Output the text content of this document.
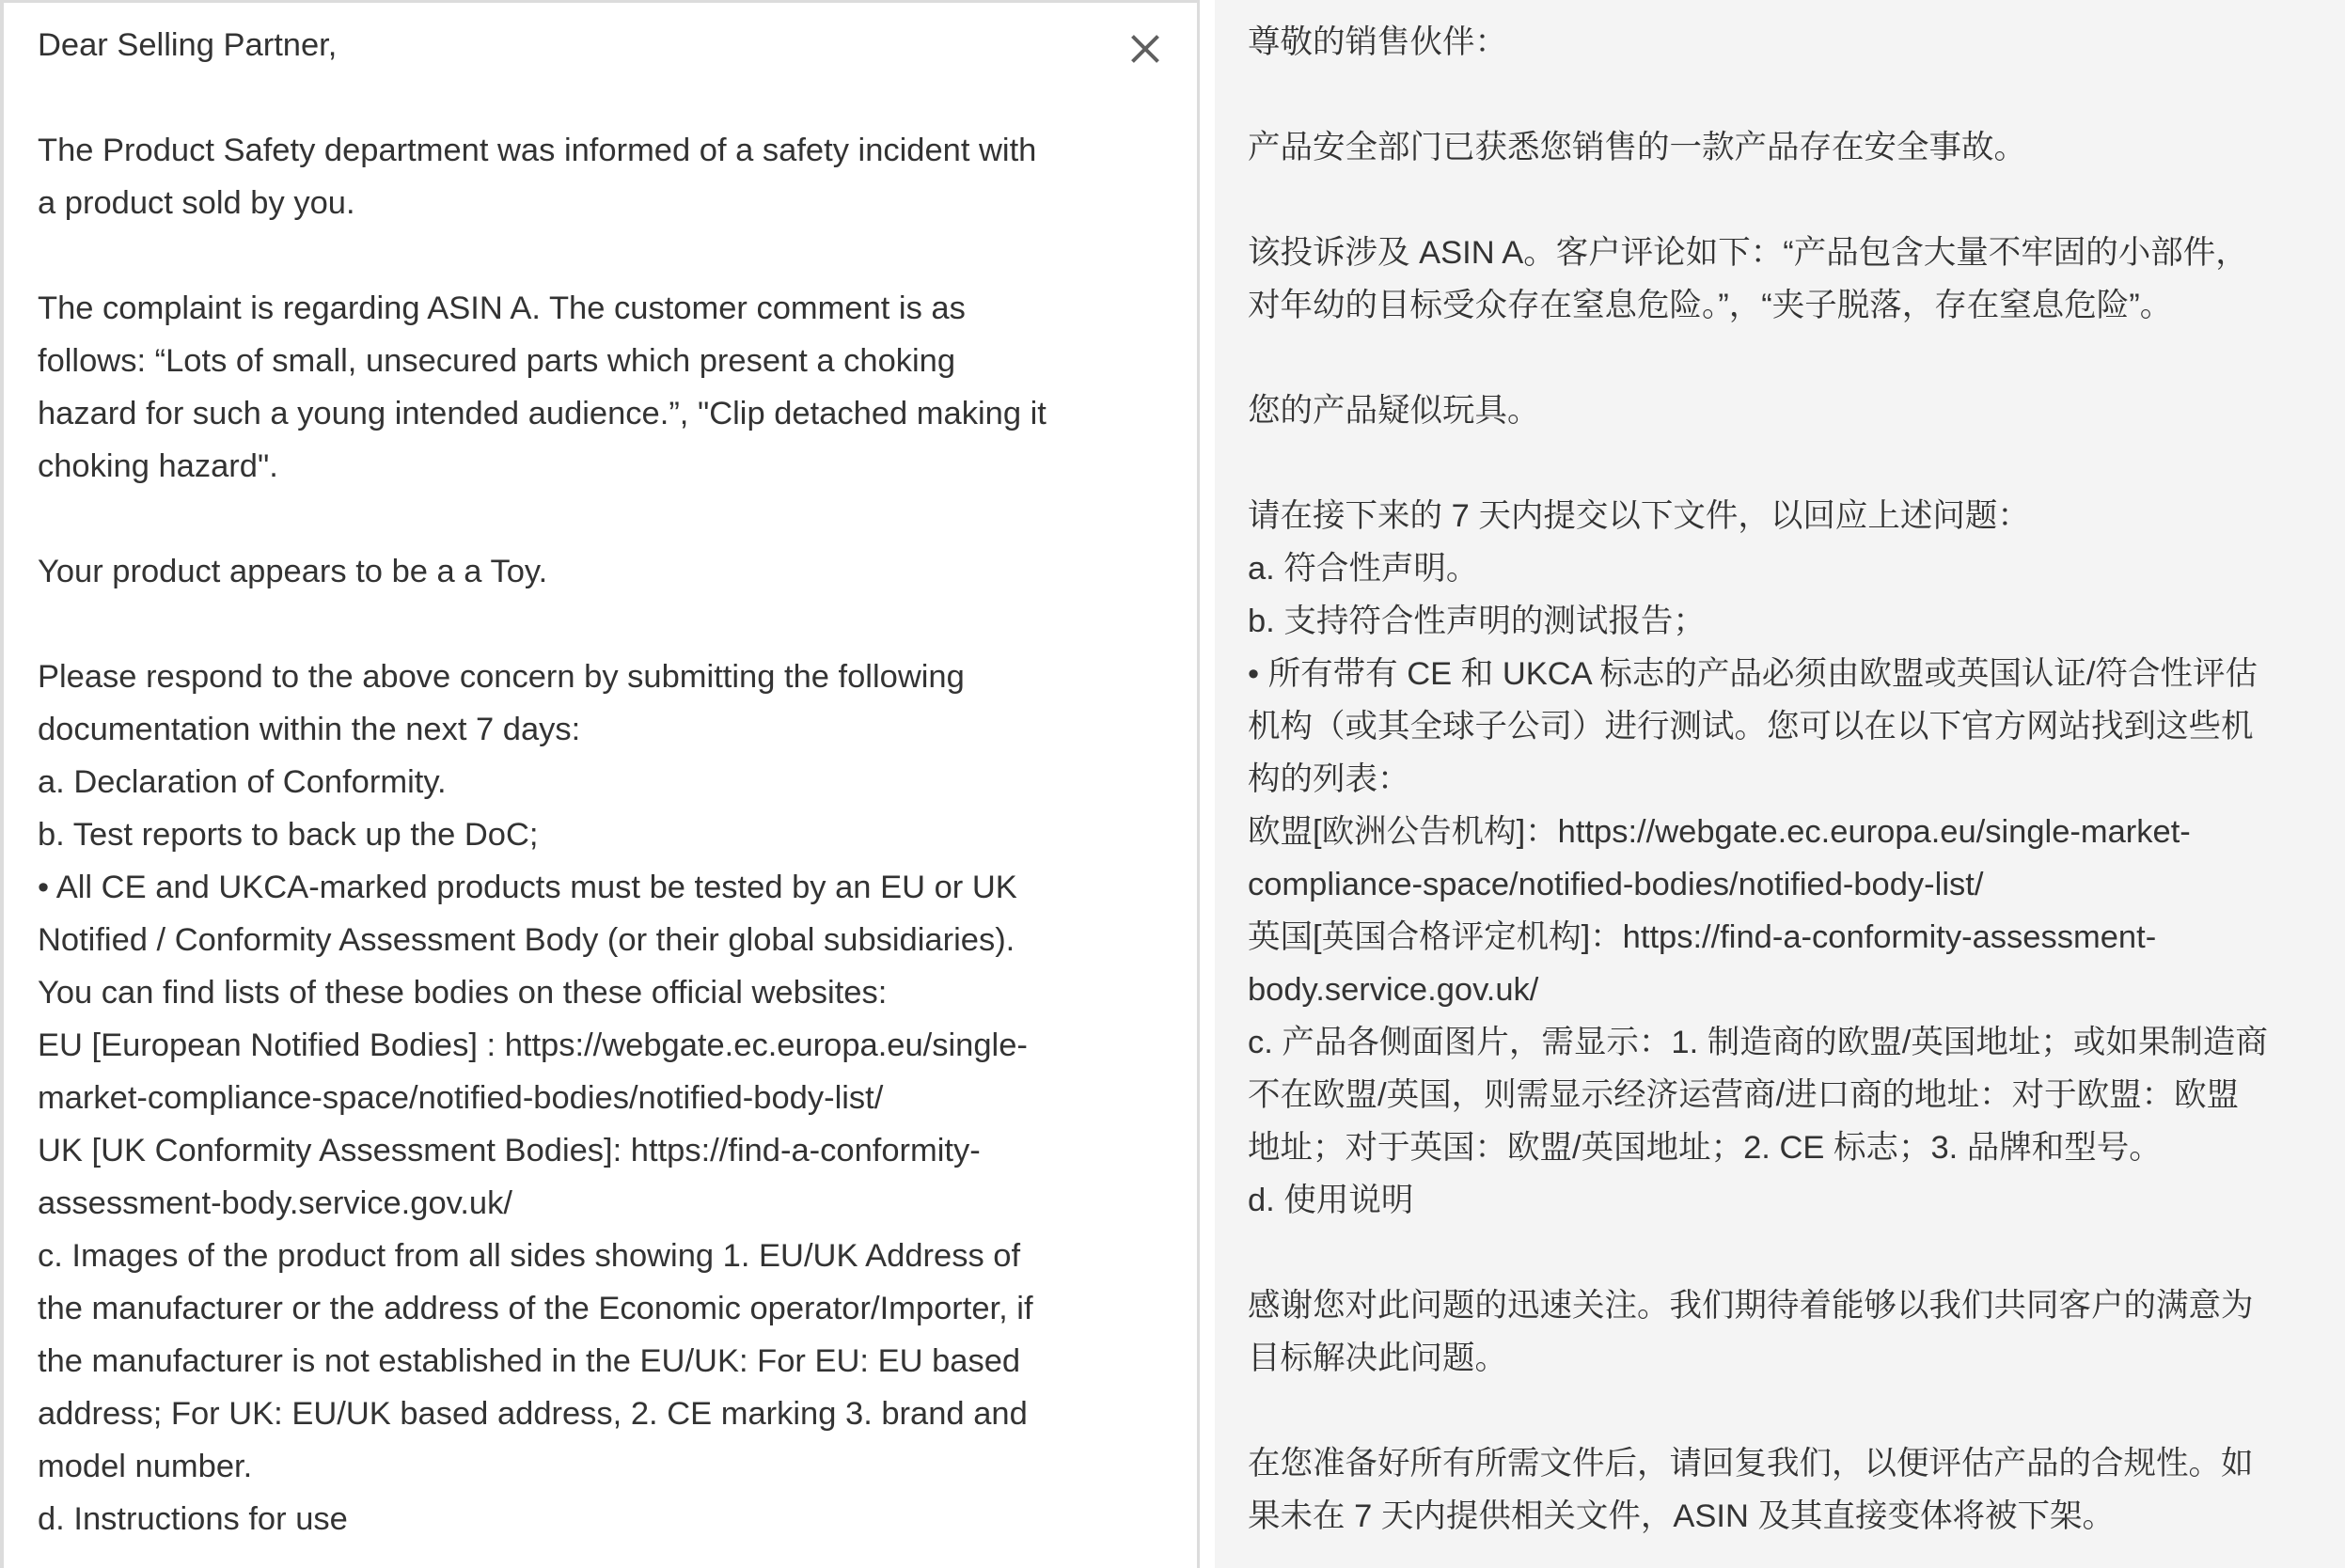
Dear Selling Partner,
The Product Safety department was informed of a safety incident with
a product sold by you.
The complaint is regarding ASIN A. The customer comment is as
follows: “Lots of small, unsecured parts which present a choking
hazard for such a young intended audience.”, "Clip detached making it
choking hazard".
Your product appears to be a a Toy.
Please respond to the above concern by submitting the following
documentation within the next 7 days:
a. Declaration of Conformity.
b. Test reports to back up the DoC;
• All CE and UKCA-marked products must be tested by an EU or UK
Notified / Conformity Assessment Body (or their global subsidiaries).
You can find lists of these bodies on these official websites:
EU [European Notified Bodies] : https://webgate.ec.europa.eu/single-
market-compliance-space/notified-bodies/notified-body-list/
UK [UK Conformity Assessment Bodies]: https://find-a-conformity-
assessment-body.service.gov.uk/
c. Images of the product from all sides showing 1. EU/UK Address of
the manufacturer or the address of the Economic operator/Importer, if
the manufacturer is not established in the EU/UK: For EU: EU based
address; For UK: EU/UK based address, 2. CE marking 3. brand and
model number.
d. Instructions for use
尊敬的销售伙伴：
产品安全部门已获悉您销售的一款产品存在安全事故。
该投诉涉及 ASIN A。客户评论如下：“产品包含大量不牢固的小部件，
对年幼的目标受众存在窒息危险。”，“夹子脱落，存在窒息危险”。
您的产品疑似玩具。
请在接下来的 7 天内提交以下文件，以回应上述问题：
a. 符合性声明。
b. 支持符合性声明的测试报告；
• 所有带有 CE 和 UKCA 标志的产品必须由欧盟或英国认证/符合性评估
机构（或其全球子公司）进行测试。您可以在以下官方网站找到这些机
构的列表：
欧盟[欧洲公告机构]：https://webgate.ec.europa.eu/single-market-
compliance-space/notified-bodies/notified-body-list/
英国[英国合格评定机构]：https://find-a-conformity-assessment-
body.service.gov.uk/
c. 产品各侧面图片，需显示：1. 制造商的欧盟/英国地址；或如果制造商
不在欧盟/英国，则需显示经济运营商/进口商的地址：对于欧盟：欧盟
地址；对于英国：欧盟/英国地址；2. CE 标志；3. 品牌和型号。
d. 使用说明
感谢您对此问题的迅速关注。我们期待着能够以我们共同客户的满意为
目标解决此问题。
在您准备好所有所需文件后，请回复我们，以便评估产品的合规性。如
果未在 7 天内提供相关文件，ASIN 及其直接变体将被下架。
